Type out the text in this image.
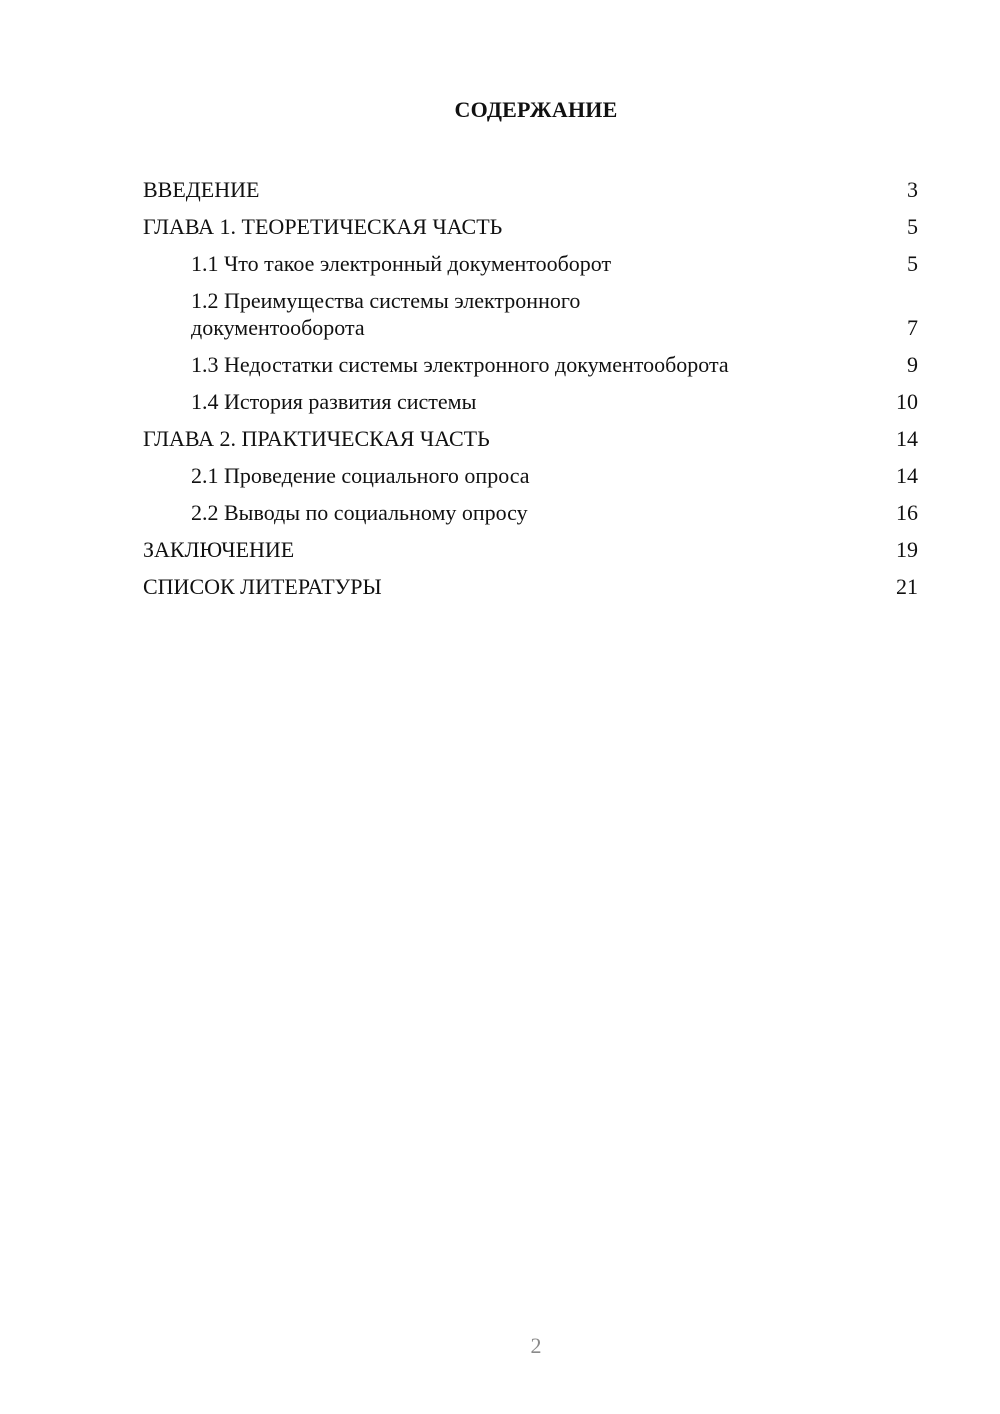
СОДЕРЖАНИЕ
ВВЕДЕНИЕ	3
ГЛАВА 1. ТЕОРЕТИЧЕСКАЯ ЧАСТЬ	5
1.1 Что такое электронный документооборот	5
1.2 Преимущества системы электронного документооборота	7
1.3 Недостатки системы электронного документооборота	9
1.4 История развития системы	10
ГЛАВА 2. ПРАКТИЧЕСКАЯ ЧАСТЬ	14
2.1 Проведение социального опроса	14
2.2 Выводы по социальному опросу	16
ЗАКЛЮЧЕНИЕ	19
СПИСОК ЛИТЕРАТУРЫ	21
2
